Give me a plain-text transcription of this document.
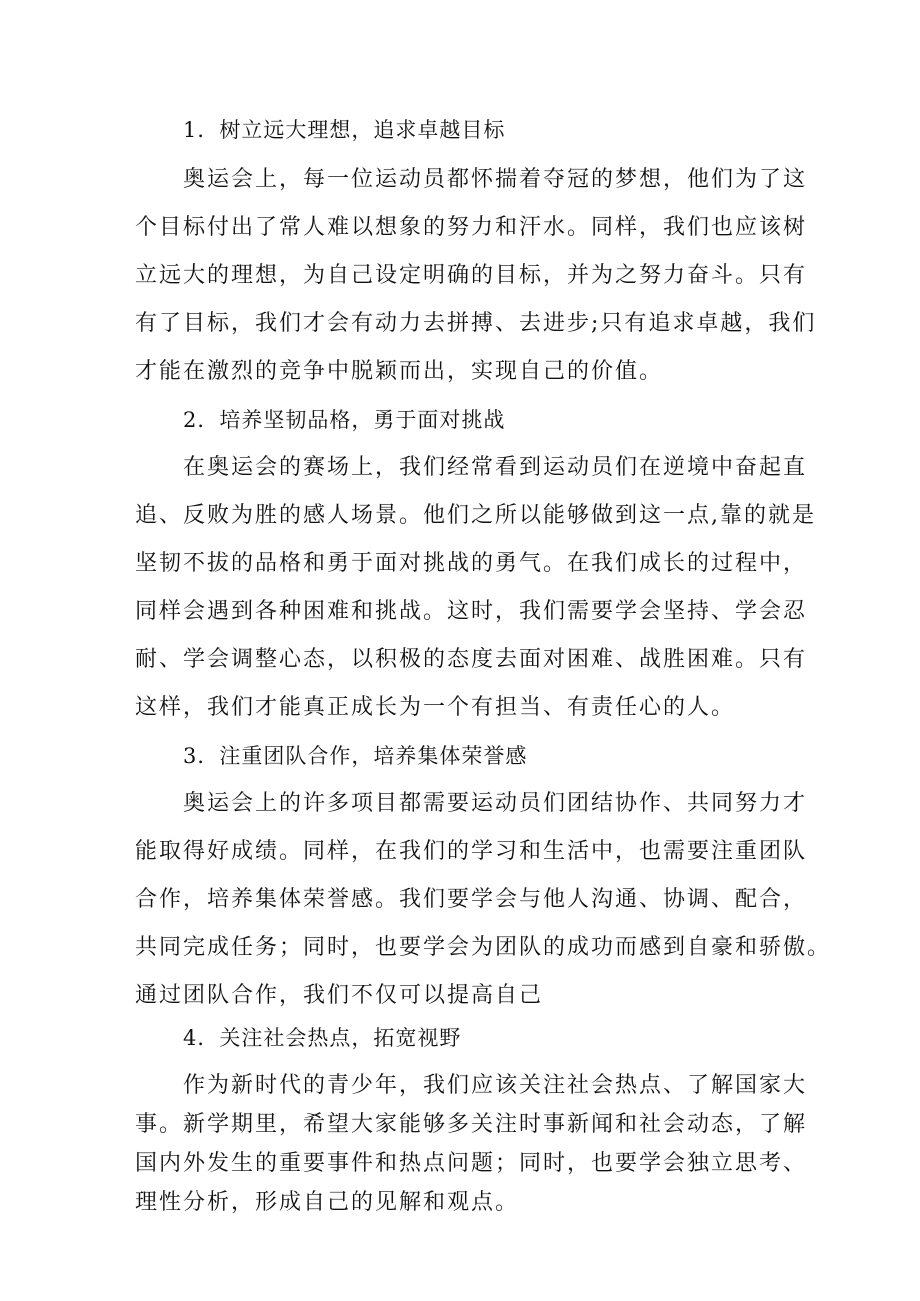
1．树立远大理想，追求卓越目标
奥运会上，每一位运动员都怀揣着夺冠的梦想，他们为了这
个目标付出了常人难以想象的努力和汗水。同样，我们也应该树
立远大的理想，为自己设定明确的目标，并为之努力奋斗。只有
有了目标，我们才会有动力去拼搏、去进步;只有追求卓越，我们
才能在激烈的竞争中脱颖而出，实现自己的价值。
2．培养坚韧品格，勇于面对挑战
在奥运会的赛场上，我们经常看到运动员们在逆境中奋起直
追、反败为胜的感人场景。他们之所以能够做到这一点,靠的就是
坚韧不拔的品格和勇于面对挑战的勇气。在我们成长的过程中，
同样会遇到各种困难和挑战。这时，我们需要学会坚持、学会忍
耐、学会调整心态，以积极的态度去面对困难、战胜困难。只有
这样，我们才能真正成长为一个有担当、有责任心的人。
3．注重团队合作，培养集体荣誉感
奥运会上的许多项目都需要运动员们团结协作、共同努力才
能取得好成绩。同样，在我们的学习和生活中，也需要注重团队
合作，培养集体荣誉感。我们要学会与他人沟通、协调、配合，
共同完成任务；同时，也要学会为团队的成功而感到自豪和骄傲。
通过团队合作，我们不仅可以提高自己
4．关注社会热点，拓宽视野
作为新时代的青少年，我们应该关注社会热点、了解国家大
事。新学期里，希望大家能够多关注时事新闻和社会动态，了解
国内外发生的重要事件和热点问题；同时，也要学会独立思考、
理性分析，形成自己的见解和观点。
